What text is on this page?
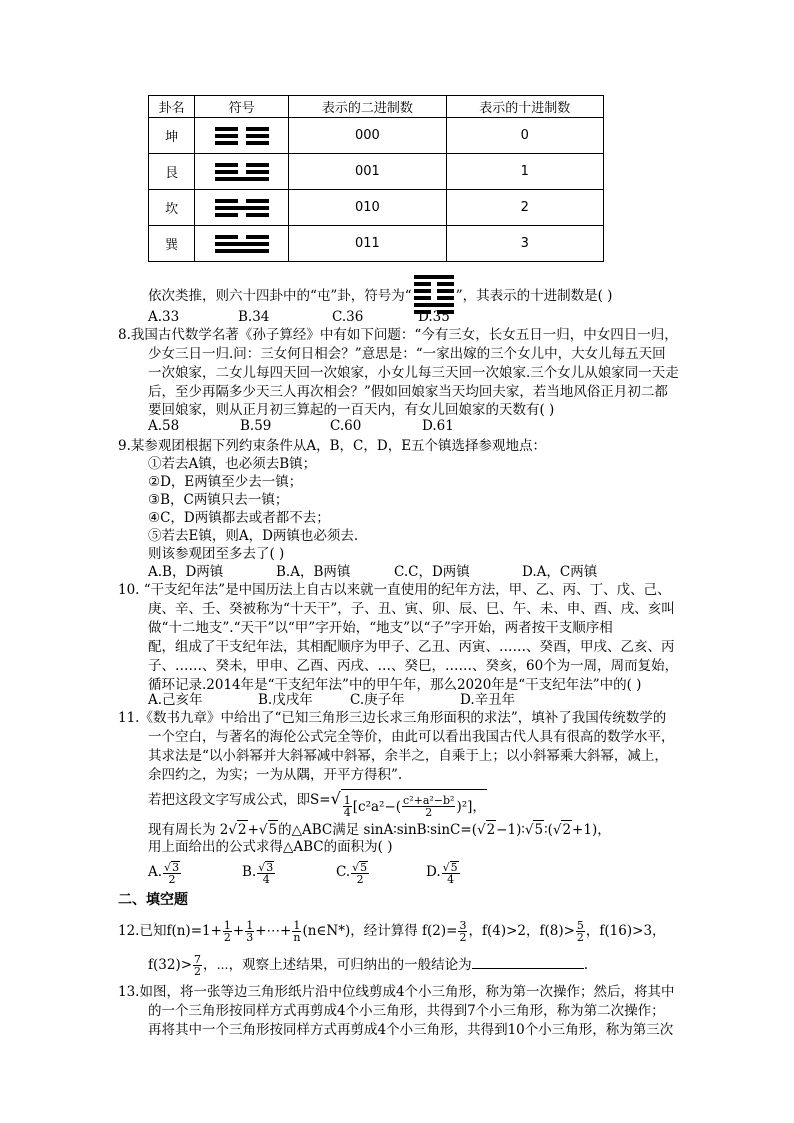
卦名	符号	表示的二进制数	表示的十进制数
坤		000	0
艮		001	1
坎		010	2
巽		011	3
依次类推，则六十四卦中的“屯”卦，符号为“	”，其表示的十进制数是( )
A.33	B.34	C.36	D.35
8.我国古代数学名著《孙子算经》中有如下问题：“今有三女，长女五日一归，中女四日一归，
少女三日一归.问：三女何日相会？”意思是：“一家出嫁的三个女儿中，大女儿每五天回
一次娘家，二女儿每四天回一次娘家，小女儿每三天回一次娘家.三个女儿从娘家同一天走
后，至少再隔多少天三人再次相会？”假如回娘家当天均回夫家，若当地风俗正月初二都
要回娘家，则从正月初三算起的一百天内，有女儿回娘家的天数有( )
A.58	B.59	C.60	D.61
9.某参观团根据下列约束条件从A，B，C，D，E五个镇选择参观地点：
①若去A镇，也必须去B镇；
②D，E两镇至少去一镇；
③B，C两镇只去一镇；
④C，D两镇都去或者都不去；
⑤若去E镇，则A，D两镇也必须去.
则该参观团至多去了( )
A.B，D两镇	B.A，B两镇	C.C，D两镇	D.A，C两镇
10. “干支纪年法”是中国历法上自古以来就一直使用的纪年方法，甲、乙、丙、丁、戊、己、
庚、辛、壬、癸被称为“十天干”，子、丑、寅、卯、辰、巳、午、未、申、酉、戌、亥叫
做“十二地支”.“天干”以“甲”字开始，“地支”以“子”字开始，两者按干支顺序相
配，组成了干支纪年法，其相配顺序为甲子、乙丑、丙寅、……、癸酉，甲戌、乙亥、丙
子、……、癸未，甲申、乙酉、丙戌、…、癸巳，……、癸亥，60个为一周，周而复始，
循环记录.2014年是“干支纪年法”中的甲午年，那么2020年是“干支纪年法”中的( )
A.己亥年	B.戊戌年	C.庚子年	D.辛丑年
11.《数书九章》中给出了“已知三角形三边长求三角形面积的求法”，填补了我国传统数学的
一个空白，与著名的海伦公式完全等价，由此可以看出我国古代人具有很高的数学水平，
其求法是“以小斜幂并大斜幂减中斜幂，余半之，自乘于上；以小斜幂乘大斜幂，减上，
余四约之，为实；一为从隅，开平方得积”.
若把这段文字写成公式，即$S=√ \frac{1}{4} [c^2a^2-( \frac{\text{c²+a²−b²}}{2} )^2]$，
现有周长为 2√2+√5的△ABC满足 sinA∶sinB∶sinC=(√2−1)∶√5∶(√2+1)，
用上面给出的公式求得△ABC的面积为( )
A. $\frac{√3}{2}$	B. $\frac{√3}{4}$	C. $\frac{√5}{2}$	D. $\frac{√5}{4}$
二、填空题
12.已知$f(n)=1+ \frac{1}{2} + \frac{1}{3}$ +⋯+ $\frac{1}{n}$ (n∈N*)，经计算得 $f(2)= \frac{3}{2}$ ，f(4)>2，$f(8)> \frac{5}{2}$ ，f(16)>3，
$f(32)> \frac{7}{2}$ ，⋯，观察上述结果，可归纳出的一般结论为	.
13.如图，将一张等边三角形纸片沿中位线剪成4个小三角形，称为第一次操作；然后，将其中
的一个三角形按同样方式再剪成4个小三角形，共得到7个小三角形，称为第二次操作；
再将其中一个三角形按同样方式再剪成4个小三角形，共得到10个小三角形，称为第三次
